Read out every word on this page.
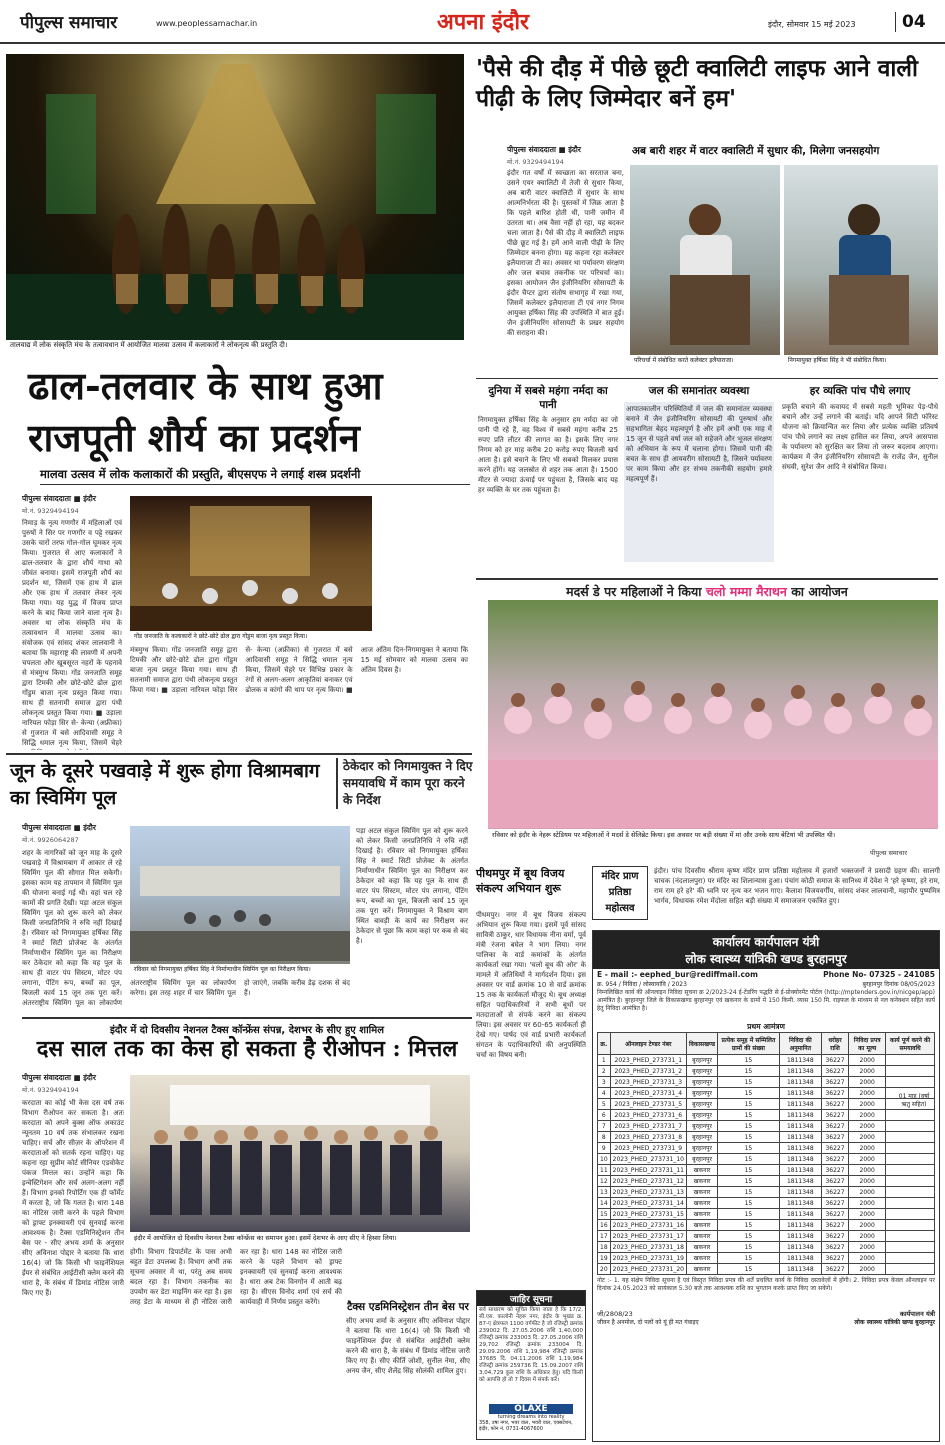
पीपुल्स समाचार	www.peoplessamachar.in	अपना इंदौर	इंदौर, सोमवार 15 मई 2023	04
तालवाद्य में लोक संस्कृति मंच के तत्वावधान में आयोजित मालवा उत्सव में कलाकारों ने लोकनृत्य की प्रस्तुति दी।
'पैसे की दौड़ में पीछे छूटी क्वालिटी लाइफ आने वाली पीढ़ी के लिए जिम्मेदार बनें हम'
अब बारी शहर में वाटर क्वालिटी में सुधार की, मिलेगा जनसहयोग
पीपुल्स संवाददाता ■ इंदौर
मो.नं. 9329494194
इंदौर गत वर्षों में स्वच्छता का सरताज बना, उसने एयर क्वालिटी में तेजी से सुधार किया, अब बारी वाटर क्वालिटी में सुधार के साथ आत्मनिर्भरता की है। पुस्तकों में जिक्र आता है कि पहले बारिश होती थी, पानी जमीन में उतरता था। अब वैसा नहीं हो रहा, यह बदकर चला जाता है। पैसे की दौड़ में क्वालिटी लाइफ पीछे छूट गई है। हमें आने वाली पीढ़ी के लिए जिम्मेदार बनना होगा। यह कहना रहा कलेक्टर इलैयाराजा टी का। अवसर था पर्यावरण संरक्षण और जल बचाव तकनीक पर परिचर्चा का। इसका आयोजन जैन इंजीनियरिंग सोसायटी के इंदौर चैप्टर द्वारा संतोष सभागृह में रखा गया, जिसमें कलेक्टर इलैयाराजा टी एवं नगर निगम आयुक्त हर्षिका सिंह की उपस्थिति में बात हुई। जैन इंजीनियरिंग सोसायटी के प्रखर सहयोग की सराहना की।
परिचर्चा में संबोधित करते कलेक्टर इलैयाराजा।	निगमायुक्त हर्षिका सिंह ने भी संबोधित किया।
ढाल-तलवार के साथ हुआ राजपूती शौर्य का प्रदर्शन
मालवा उत्सव में लोक कलाकारों की प्रस्तुति, बीएसएफ ने लगाई शस्त्र प्रदर्शनी
पीपुल्स संवाददाता ■ इंदौर
मो.नं. 9329494194
निमाड़ के नृत्य गणगौर में महिलाओं एवं पुरुषों ने सिर पर गणगौर व पट्टे रखकर उसके चारों तरफ गोल-गोल घूमकर नृत्य किया। गुजरात से आए कलाकारों ने ढाल-तलवार के द्वारा शौर्य गाथा को जीवंत बनाया। इसमें राजपूती शौर्य का प्रदर्शन था, जिसमें एक हाथ में ढाल और एक हाथ में तलवार लेकर नृत्य किया गया। यह युद्ध में विजय प्राप्त करने के बाद किया जाने वाला नृत्य है। अवसर था लोक संस्कृति मंच के तत्वावधान में मालवा उत्सव का। संयोजक एवं सांसद शंकर लालवानी ने बताया कि महाराष्ट्र की लावणी में अपनी चपलता और खूबसूरत नहरों के पहनावे से मंत्रमुग्ध किया। गोंड जनजाति समूह द्वारा टिमकी और छोटे-छोटे ढोल द्वारा गोंडुम बाजा नृत्य प्रस्तुत किया गया। साथ ही सतनामी समाज द्वारा पंथी लोकनृत्य प्रस्तुत किया गया। ■ उड़ाला नारियल फोड़ा सिर से- केन्या (अफ्रीका) से गुजरात में बसे आदिवासी समूह ने सिद्धि धमाल नृत्य किया, जिसमें चेहरे
गोंड जनजाति के कलाकारों ने छोटे-छोटे ढोल द्वारा गोंडुम बाजा नृत्य प्रस्तुत किया।
मंत्रमुग्ध किया। गोंड जनजाति समूह द्वारा टिमकी और छोटे-छोटे ढोल द्वारा गोंडुम बाजा नृत्य प्रस्तुत किया गया। साथ ही सतनामी समाज द्वारा पंथी लोकनृत्य प्रस्तुत किया गया। ■ उड़ाला नारियल फोड़ा सिर से- केन्या (अफ्रीका) से गुजरात में बसे आदिवासी समूह ने सिद्धि धमाल नृत्य किया, जिसमें चेहरे पर विभिन्न प्रकार के रंगों से अलग-अलग आकृतियां बनाकर एवं ढोलक व कांगो की थाप पर नृत्य किया। ■ आज अंतिम दिन-निगमायुक्त ने बताया कि 15 मई सोमवार को मालवा उत्सव का अंतिम दिवस है।
दुनिया में सबसे महंगा नर्मदा का पानी
निगमायुक्त हर्षिका सिंह के अनुसार हम नर्मदा का जो पानी पी रहे हैं, वह विश्व में सबसे महंगा करीब 25 रुपए प्रति लीटर की लागत का है। इसके लिए नगर निगम को हर माह करीब 20 करोड़ रुपए बिजली खर्च आता है। इसे बचाने के लिए भी सबको मिलकर प्रयास करने होंगे। यह जलस्रोत से शहर तक आता है। 1500 मीटर से ज्यादा ऊंचाई पर पहुंचता है, जिसके बाद यह हर व्यक्ति के घर तक पहुंचता है।
जल की समानांतर व्यवस्था
आपातकालीन परिस्थितियों में जल की समानांतर व्यवस्था बनाने में जैन इंजीनियरिंग सोसायटी की पुरुषार्थ और सहभागिता बेहद महत्वपूर्ण है और हमें अभी एक माह में 15 जून से पहले वर्षा जल को सहेजने और भूजल संरक्षण को अभियान के रूप में चलाना होगा। जिसमें पानी की बचत के साथ ही आयवरीग सोसायटी है, जिसने पर्यावरण पर काम किया और हर संभव तकनीकी सहयोग हमारे महत्वपूर्ण हैं।
हर व्यक्ति पांच पौधे लगाए
प्रकृति बचाने की कवायद में सबसे महती भूमिका पेड़-पौधे बचाने और उन्हें लगाने की बताई। यदि आपने सिटी फॉरेस्ट योजना को क्रियान्वित कर लिया और प्रत्येक व्यक्ति प्रतिवर्ष पांच पौधे लगाने का लक्ष्य हासिल कर लिया, अपने आसपास के पर्यावरण को सुरक्षित कर लिया तो जरूर बदलाव आएगा। कार्यक्रम में जैन इंजीनियरिंग सोसायटी के राजेंद्र जैन, सुनील संघवी, सुरेश जैन आदि ने संबोधित किया।
मदर्स डे पर महिलाओं ने किया चलो मम्मा मैराथन का आयोजन
रविवार को इंदौर के नेहरू स्टेडियम पर महिलाओं ने मदर्स डे सेलिब्रेट किया। इस अवसर पर बड़ी संख्या में मां और उनके साथ बेटियां भी उपस्थित थी।
पीपुल्स समाचार
जून के दूसरे पखवाड़े में शुरू होगा विश्रामबाग का स्विमिंग पूल
ठेकेदार को निगमायुक्त ने दिए समयावधि में काम पूरा करने के निर्देश
पीपुल्स संवाददाता ■ इंदौर
मो.नं. 9926064287
शहर के नागरिकों को जून माह के दूसरे पखवाड़े में विश्रामबाग में आकार ले रहे स्विमिंग पूल की सौगात मिल सकेगी। इसका काम यह तापमान में स्विमिंग पूल की योजना बनाई गई थी। वहां चल रहे कामों की प्रगति देखी। पड़ा अटल संकुल स्विमिंग पूल को शुरू करने को लेकर किसी जनप्रतिनिधि ने रुचि नहीं दिखाई है। रविवार को निगमायुक्त हर्षिका सिंह ने स्मार्ट सिटी प्रोजेक्ट के अंतर्गत निर्माणाधीन स्विमिंग पूल का निरीक्षण कर ठेकेदार को कहा कि यह पूल के साथ ही वाटर पंप सिस्टम, मोटर पंप लगाना, पेंटिंग रूप, बच्चों का पूल, बिजली कार्य 15 जून तक पूरा करें। अंतरराष्ट्रीय स्विमिंग पूल का लोकार्पण
रविवार को निगमायुक्त हर्षिका सिंह ने निर्माणाधीन स्विमिंग पूल का निरीक्षण किया।
पड़ा अटल संकुल स्विमिंग पूल को शुरू करने को लेकर किसी जनप्रतिनिधि ने रुचि नहीं दिखाई है। रविवार को निगमायुक्त हर्षिका सिंह ने स्मार्ट सिटी प्रोजेक्ट के अंतर्गत निर्माणाधीन स्विमिंग पूल का निरीक्षण कर ठेकेदार को कहा कि यह पूल के साथ ही वाटर पंप सिस्टम, मोटर पंप लगाना, पेंटिंग रूप, बच्चों का पूल, बिजली कार्य 15 जून तक पूरा करें। निगमायुक्त ने विश्राम बाग स्थित बावड़ी के कार्य का निरीक्षण कर ठेकेदार से पूछा कि काम कहां पर कब से बंद है।
अंतरराष्ट्रीय स्विमिंग पूल का लोकार्पण करेगा। इस तरह शहर में चार स्विमिंग पूल हो जाएंगे, जबकि करीब डेढ़ दशक से बंद हैं।
इंदौर में दो दिवसीय नेशनल टैक्स कॉन्फ्रेंस संपन्न, देशभर के सीए हुए शामिल
दस साल तक का केस हो सकता है रीओपन : मित्तल
पीपुल्स संवाददाता ■ इंदौर
मो.नं. 9329494194
करदाता का कोई भी केस दस वर्ष तक विभाग रीओपन कर सकता है। अतः करदाता को अपने बुक्स ऑफ अकाउंट न्यूनतम 10 वर्ष तक संभालकर रखना चाहिए। सर्च और सीज़र के ऑपरेशन में करदाताओं को सतर्क रहना चाहिए। यह कहना रहा सुप्रीम कोर्ट सीनियर एडवोकेट पंकज मित्तल का। उन्होंने कहा कि इन्वेस्टिगेशन और सर्च अलग-अलग नहीं हैं। विभाग इनको रिपोर्टिंग एक ही फॉर्मेट में करता है, जो कि गलत है। धारा 148 का नोटिस जारी करने के पहले विभाग को ड्राफ्ट इनक्वायरी एवं सुनवाई करना आवश्यक है। टैक्स एडमिनिस्ट्रेशन तीन बेस पर - सीए अभय शर्मा के अनुसार सीए अविनाश पोद्दार ने बताया कि धारा 16(4) जो कि किसी भी फाइनेंशियल ईयर से संबंधित आईटीसी क्लेम करने की धारा है, के संबंध में डिमांड नोटिस जारी किए गए हैं।
इंदौर में आयोजित दो दिवसीय नेशनल टैक्स कॉन्फ्रेंस का समापन हुआ। इसमें देशभर के आए सीए ने हिस्सा लिया।
होगी। विभाग डिपार्टमेंट के पास अभी बहुत डेटा उपलब्ध है। विभाग अभी तक सूचना अवसर में था, परंतु अब समय बदल रहा है। विभाग तकनीक का उपयोग कर डेटा माइनिंग कर रहा है। इस तरह डेटा के माध्यम से ही नोटिस जारी कर रहा है। धारा 148 का नोटिस जारी करने के पहले विभाग को ड्राफ्ट इनक्वायरी एवं सुनवाई करना आवश्यक है। धारा अब टेक विनगोन में आती बढ़ रहा है। सीएस विनोद शर्मा एवं सर्च की कार्यवाही में निर्णय प्रस्तुत करेंगे।	टैक्स एडमिनिस्ट्रेशन तीन बेस पर
सीए अभय शर्मा के अनुसार सीए अविनाश पोद्दार ने बताया कि धारा 16(4) जो कि किसी भी फाइनेंशियल ईयर से संबंधित आईटीसी क्लेम करने की धारा है, के संबंध में डिमांड नोटिस जारी किए गए हैं। सीए कीर्ति जोशी, सुनील नेमा, सीए अनय जैन, सीए शैलेंद्र सिंह सोलंकी शामिल हुए।
पीथमपुर में बूथ विजय संकल्प अभियान शुरू
पीथमपुर। नगर में बूथ विजय संकल्प अभियान शुरू किया गया। इसमें पूर्व सांसद सावित्री ठाकुर, धार विधायक नीना वर्मा, पूर्व मंत्री रंजना बघेल ने भाग लिया। नगर पालिका के वार्ड कमांकों के अंतर्गत कार्यकर्ता रखा गया। 'चलो बूथ की ओर' के मामले में अतिथियों ने मार्गदर्शन दिया। इस अवसर पर वार्ड क्रमांक 10 से वार्ड क्रमांक 15 तक के कार्यकर्ता मौजूद थे। बूथ अध्यक्ष सहित पदाधिकारियों ने सभी बूथों पर मतदाताओं से संपर्क करने का संकल्प लिया। इस अवसर पर 60-65 कार्यकर्ता ही देखे गए। पार्षद एवं वार्ड प्रभारी कार्यकर्ता संगठन के पदाधिकारियों की अनुपस्थिति चर्चा का विषय बनी।
मंदिर प्राण प्रतिष्ठा महोत्सव
इंदौर। पांच दिवसीय श्रीराम कृष्ण मंदिर प्राण प्रतिष्ठा महोत्सव में हजारों भक्तजनों ने प्रसादी ग्रहण की। सालगी चाचक (नंदलालपुरा) पर मंदिर का शिलान्यास हुआ। पंचांग कोठी समाज के सानिध्य में देवेश ने 'हरे कृष्णा, हरे राम, राम राम हरे हरे' की ध्वनि पर नृत्य कर भजन गाए। कैलाश विजयवर्गीय, सांसद शंकर लालवानी, महापौर पुष्यमित्र भार्गव, विधायक रमेश मेंदोला सहित बड़ी संख्या में समाजजन एकत्रित हुए।
कार्यालय कार्यपालन यंत्री
लोक स्वास्थ्य यांत्रिकी खण्ड बुरहानपुर
E - mail :- eephed_bur@rediffmail.com	Phone No- 07325 - 241085
क्र. 954 / निविदा / लोस्वायांवि / 2023	बुरहानपुर दिनांक 08/05/2023
निम्नलिखित कार्य की ऑनलाइन निविदा सूचना क्र 2/2023-24 ई-टेंडरिंग पद्धति से ई-प्रोक्योरमेंट पोर्टल (http://mptenders.gov.in/nicgep/app) आमंत्रित है। बुरहानपुर जिले के विकासखण्ड बुरहानपुर एवं खकनार के ग्रामों में 150 किमी. व्यास 150 मि. राइफल के माध्यम से नल कनेक्शन सहित कार्य हेतु निविदा आमंत्रित है।
प्रथम आमंत्रण
क्र.	ऑनलाइन टेण्डर नंबर	विकासखण्ड	प्रत्येक समूह में सम्मिलित ग्रामों की संख्या	निविदा की अनुमानित	धरोहर राशि	निविदा प्रपत्र का मूल्य	कार्य पूर्ण करने की समयावधि
1	2023_PHED_273731_1	बुरहानपुर	15	1811348	36227	2000	
2	2023_PHED_273731_2	बुरहानपुर	15	1811348	36227	2000	
3	2023_PHED_273731_3	बुरहानपुर	15	1811348	36227	2000	
4	2023_PHED_273731_4	बुरहानपुर	15	1811348	36227	2000	
5	2023_PHED_273731_5	बुरहानपुर	15	1811348	36227	2000	
6	2023_PHED_273731_6	बुरहानपुर	15	1811348	36227	2000	
7	2023_PHED_273731_7	बुरहानपुर	15	1811348	36227	2000	
8	2023_PHED_273731_8	बुरहानपुर	15	1811348	36227	2000	
9	2023_PHED_273731_9	बुरहानपुर	15	1811348	36227	2000	
10	2023_PHED_273731_10	बुरहानपुर	15	1811348	36227	2000	
11	2023_PHED_273731_11	खकनार	15	1811348	36227	2000	
12	2023_PHED_273731_12	खकनार	15	1811348	36227	2000	
13	2023_PHED_273731_13	खकनार	15	1811348	36227	2000	
14	2023_PHED_273731_14	खकनार	15	1811348	36227	2000	
15	2023_PHED_273731_15	खकनार	15	1811348	36227	2000	
16	2023_PHED_273731_16	खकनार	15	1811348	36227	2000	
17	2023_PHED_273731_17	खकनार	15	1811348	36227	2000	
18	2023_PHED_273731_18	खकनार	15	1811348	36227	2000	
19	2023_PHED_273731_19	खकनार	15	1811348	36227	2000	
20	2023_PHED_273731_20	खकनार	15	1811348	36227	2000	
01 माह (वर्षा ऋतु सहित)
नोट :- 1. यह संक्षेप निविदा सूचना है एवं विस्तृत निविदा प्रपत्र की शर्तें प्रचलित कार्य के निविदा दस्तावेज़ों में होंगी। 2. निविदा प्रपत्र केवल ऑनलाइन पर दिनांक 24.05.2023 को सायंकाल 5.30 बजे तक आवश्यक राशि का भुगतान करके प्राप्त किए जा सकेंगे।
जी/2808/23	कार्यपालन यंत्री
जीवन है अनमोल, दो पलों को यूं ही मत गंवाइए	लोक स्वास्थ्य यांत्रिकी खण्ड बुरहानपुर
जाहिर सूचना
सर्व साधारण को सूचित किया जाता है कि 17/2, सी.एस. कालोनी नेहरू नगर, इंदौर के भूखंड क्र. 87-ए क्षेत्रफल 1100 वर्गफीट है जो रजिस्ट्री क्रमांक 239002 दि. 27.05.2006 राशि 1,40,000 रजिस्ट्री क्रमांक 233003 दि. 27.05.2006 राशि 29,702 रजिस्ट्री क्रमांक 233004 दि. 29.09.2006 राशि 1,19,984 रजिस्ट्री क्रमांक 37685 दि. 04.11.2006 राशि 1,19,984 रजिस्ट्री क्रमांक 259736 दि. 15.09.2007 राशि 3,04,729 कुल राशि के अधिकार हेतु। यदि किसी को आपत्ति हो तो 7 दिवस में संपर्क करें।
OLAXE
turning dreams into reality
358, उषा नगर, भवर वाल, भवरी वाल, एक्सटेंशन, इंदौर, फोन नं. 0731-4067600
